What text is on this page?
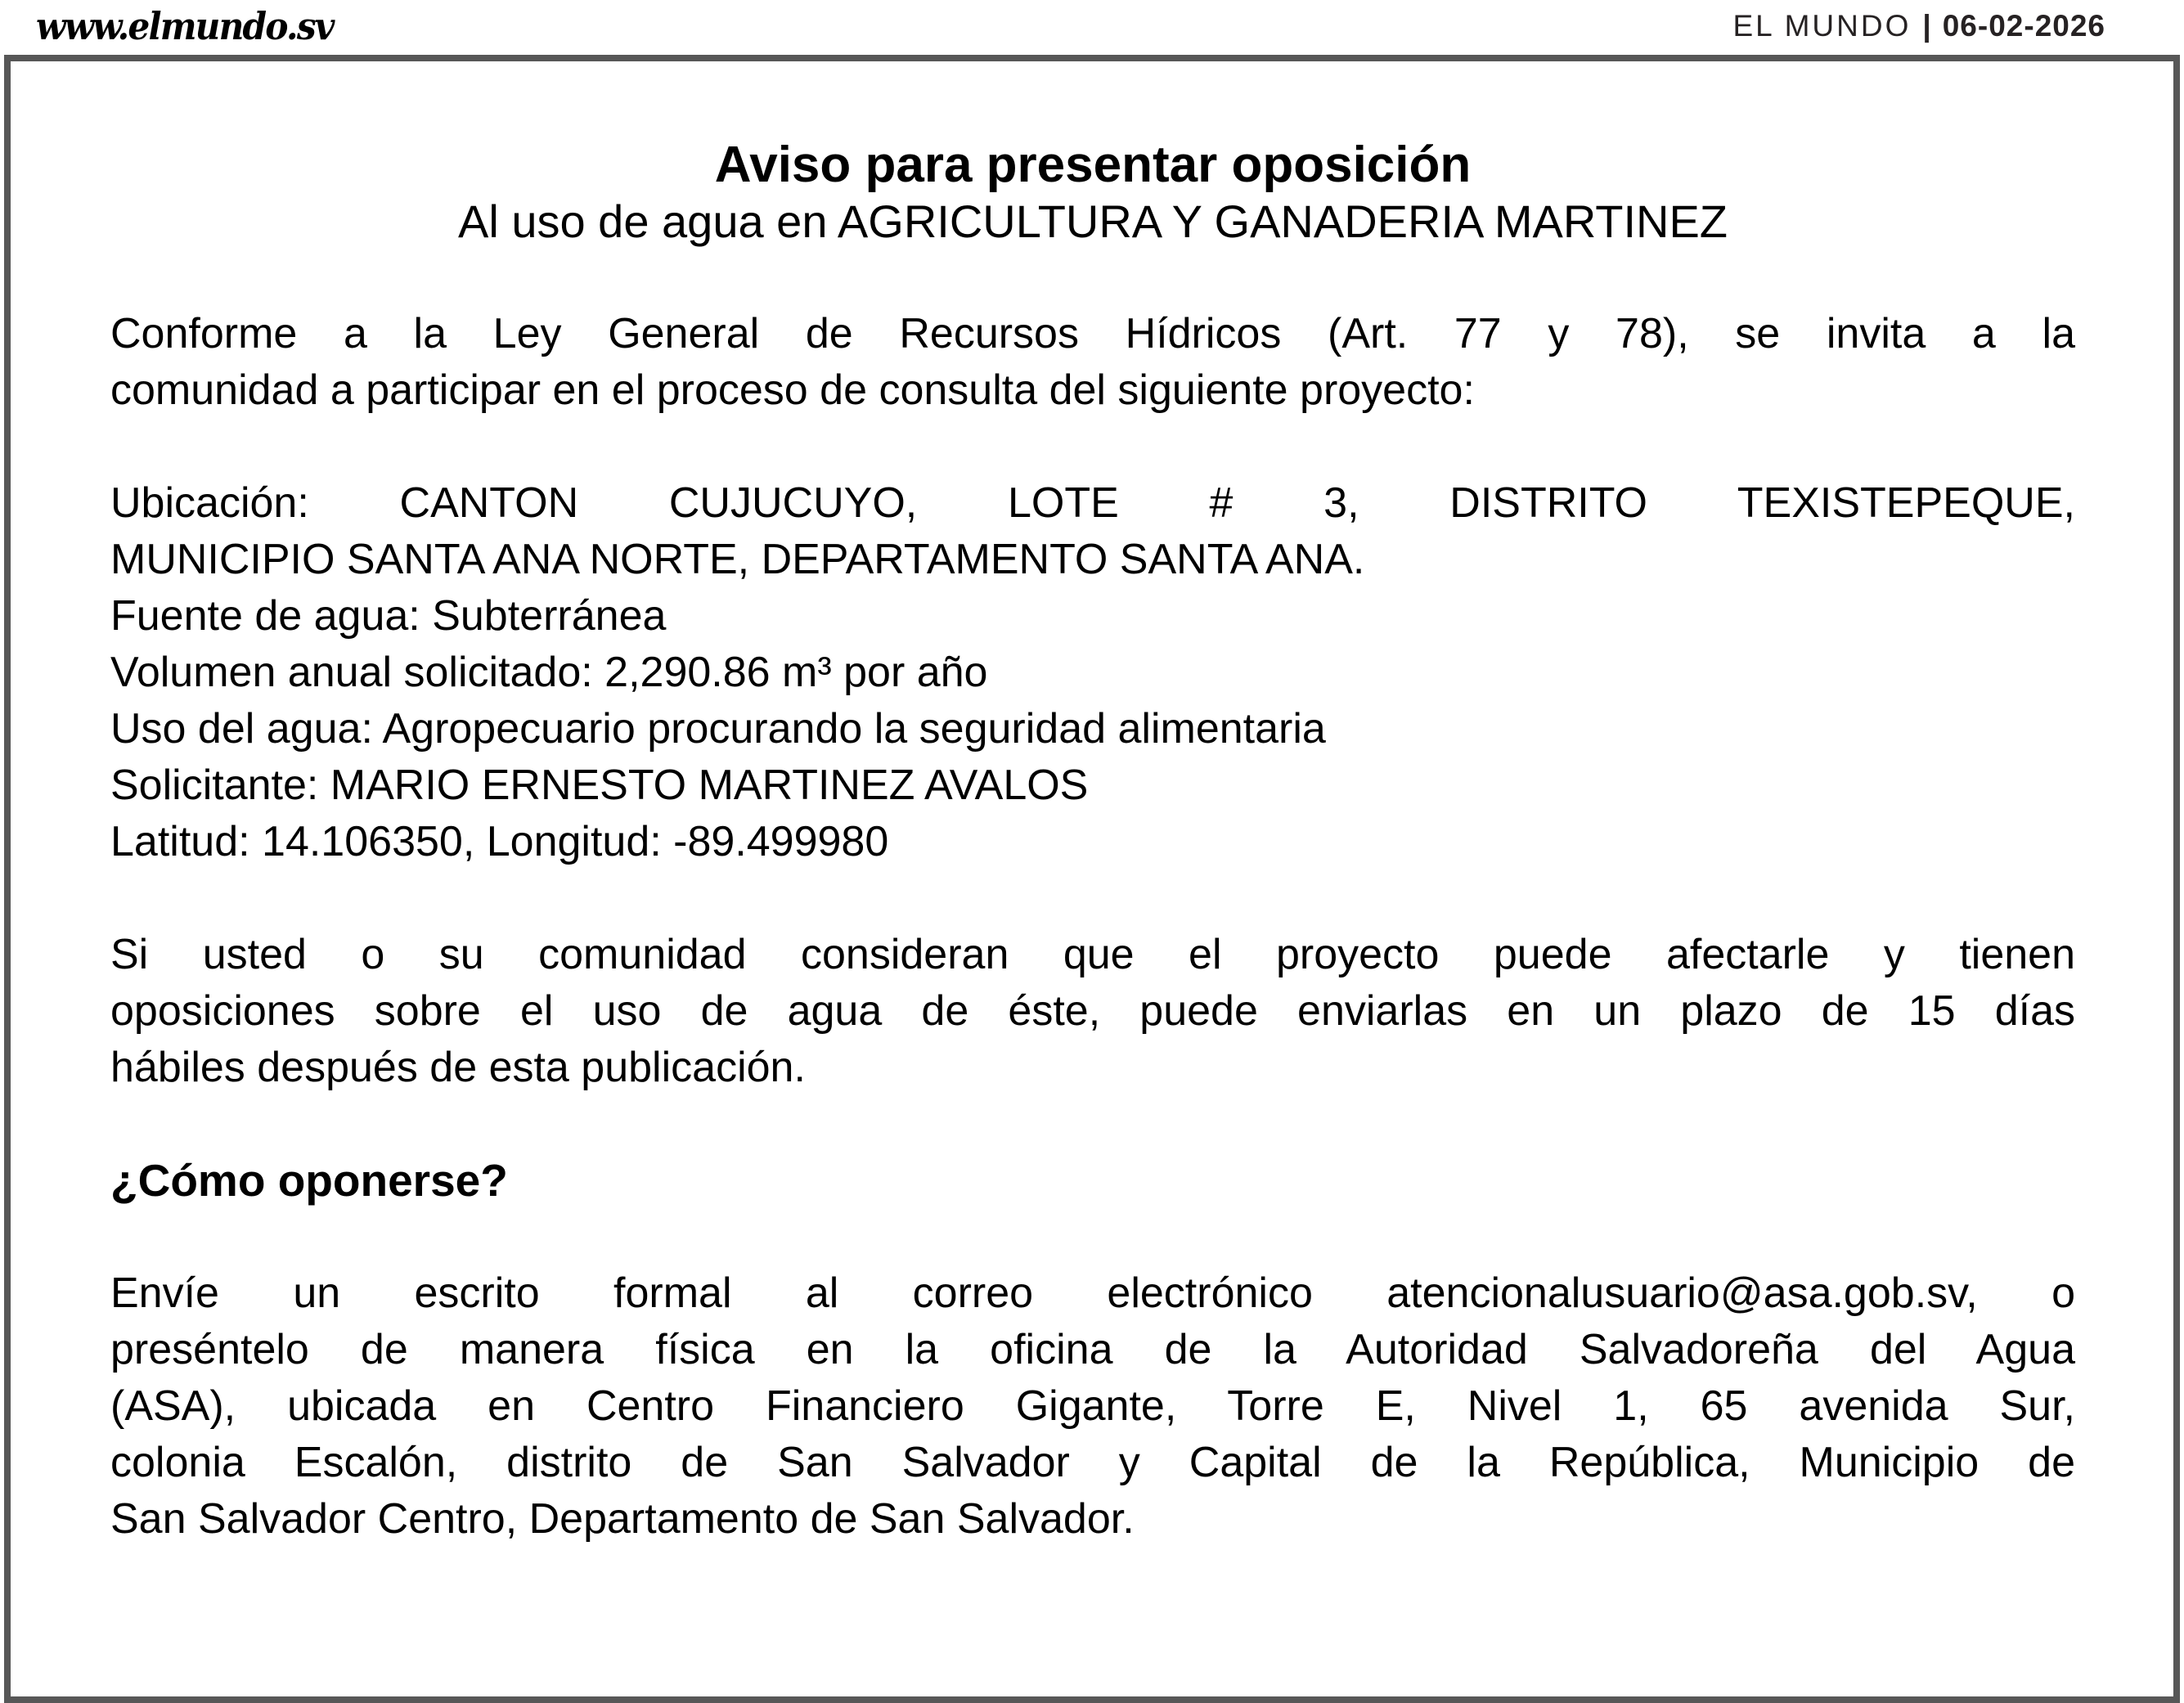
www.elmundo.sv	EL MUNDO | 06-02-2026
Aviso para presentar oposición
Al uso de agua en AGRICULTURA Y GANADERIA MARTINEZ
Conforme a la Ley General de Recursos Hídricos (Art. 77 y 78), se invita a la
comunidad a participar en el proceso de consulta del siguiente proyecto:
Ubicación: CANTON CUJUCUYO, LOTE # 3, DISTRITO TEXISTEPEQUE,
MUNICIPIO SANTA ANA NORTE, DEPARTAMENTO SANTA ANA.
Fuente de agua: Subterránea
Volumen anual solicitado: 2,290.86 m³ por año
Uso del agua: Agropecuario procurando la seguridad alimentaria
Solicitante: MARIO ERNESTO MARTINEZ AVALOS
Latitud: 14.106350, Longitud: -89.499980
Si usted o su comunidad consideran que el proyecto puede afectarle y tienen
oposiciones sobre el uso de agua de éste, puede enviarlas en un plazo de 15 días
hábiles después de esta publicación.
¿Cómo oponerse?
Envíe un escrito formal al correo electrónico atencionalusuario@asa.gob.sv, o
preséntelo de manera física en la oficina de la Autoridad Salvadoreña del Agua
(ASA), ubicada en Centro Financiero Gigante, Torre E, Nivel 1, 65 avenida Sur,
colonia Escalón, distrito de San Salvador y Capital de la República, Municipio de
San Salvador Centro, Departamento de San Salvador.
